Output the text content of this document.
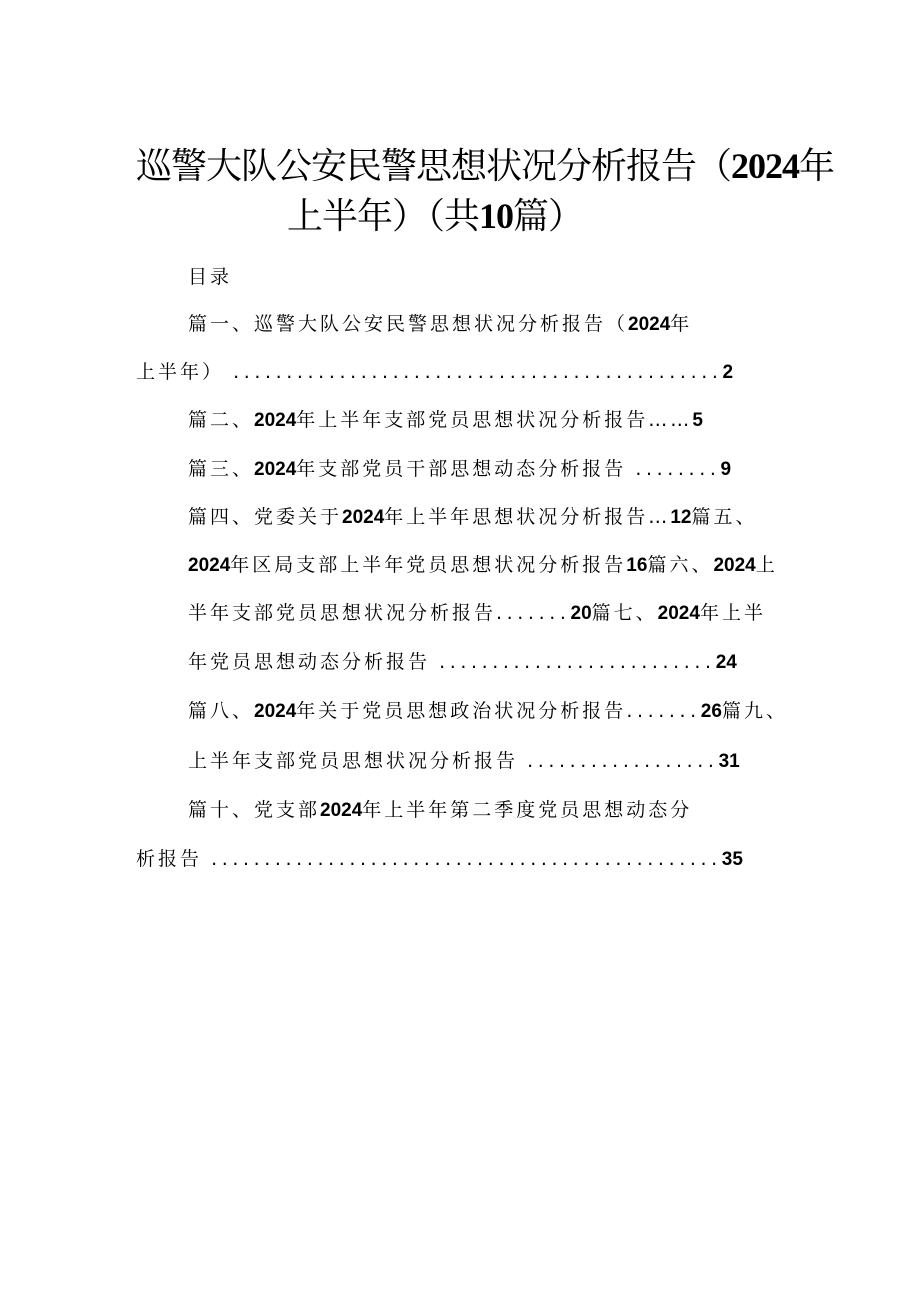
巡警大队公安民警思想状况分析报告（2024年
上半年）（共10篇）
目录
篇一、巡警大队公安民警思想状况分析报告（2024年
上半年） ..............................................2
篇二、2024年上半年支部党员思想状况分析报告……5
篇三、2024年支部党员干部思想动态分析报告 ........9
篇四、党委关于2024年上半年思想状况分析报告…12篇五、
2024年区局支部上半年党员思想状况分析报告16篇六、2024上
半年支部党员思想状况分析报告.......20篇七、2024年上半
年党员思想动态分析报告 ..........................24
篇八、2024年关于党员思想政治状况分析报告.......26篇九、
上半年支部党员思想状况分析报告 ..................31
篇十、党支部2024年上半年第二季度党员思想动态分
析报告 ................................................35
